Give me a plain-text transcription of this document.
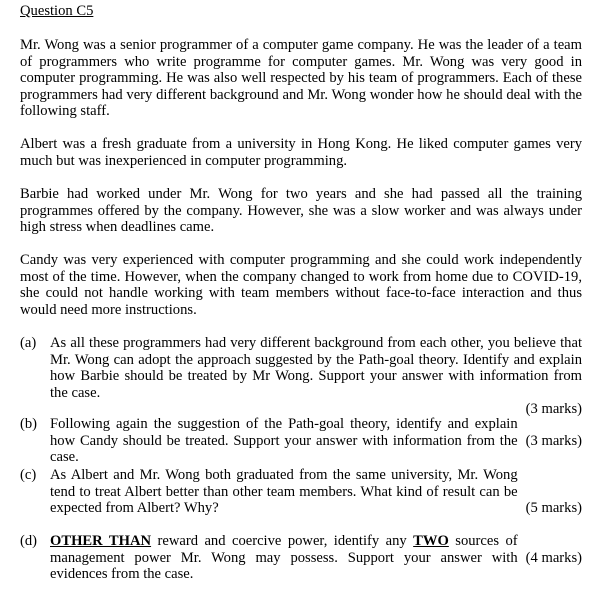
Question C5

Mr. Wong was a senior programmer of a computer game company. He was the leader of a team of programmers who write programme for computer games. Mr. Wong was very good in computer programming. He was also well respected by his team of programmers. Each of these programmers had very different background and Mr. Wong wonder how he should deal with the following staff.

Albert was a fresh graduate from a university in Hong Kong. He liked computer games very much but was inexperienced in computer programming.

Barbie had worked under Mr. Wong for two years and she had passed all the training programmes offered by the company. However, she was a slow worker and was always under high stress when deadlines came.

Candy was very experienced with computer programming and she could work independently most of the time. However, when the company changed to work from home due to COVID-19, she could not handle working with team members without face-to-face interaction and thus would need more instructions.

(a) As all these programmers had very different background from each other, you believe that Mr. Wong can adopt the approach suggested by the Path-goal theory. Identify and explain how Barbie should be treated by Mr Wong. Support your answer with information from the case.
(3 marks)
(b)
(3 marks)
Following again the suggestion of the Path-goal theory, identify and explain how Candy should be treated. Support your answer with information from the case.
(c)
(5 marks)
As Albert and Mr. Wong both graduated from the same university, Mr. Wong tend to treat Albert better than other team members. What kind of result can be expected from Albert? Why?
(d)
(4 marks)
OTHER THAN reward and coercive power, identify any TWO sources of management power Mr. Wong may possess. Support your answer with evidences from the case.
